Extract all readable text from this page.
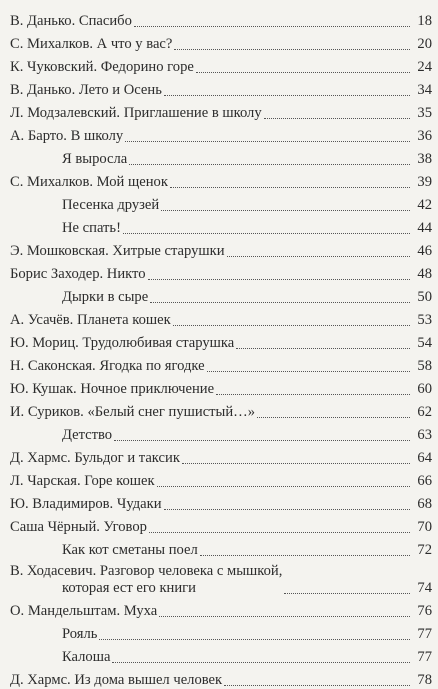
В. Данько. Спасибо	18
С. Михалков. А что у вас?	20
К. Чуковский. Федорино горе	24
В. Данько. Лето и Осень	34
Л. Модзалевский. Приглашение в школу	35
А. Барто. В школу	36
Я выросла	38
С. Михалков. Мой щенок	39
Песенка друзей	42
Не спать!	44
Э. Мошковская. Хитрые старушки	46
Борис Заходер. Никто	48
Дырки в сыре	50
А. Усачёв. Планета кошек	53
Ю. Мориц. Трудолюбивая старушка	54
Н. Саконская. Ягодка по ягодке	58
Ю. Кушак. Ночное приключение	60
И. Суриков. «Белый снег пушистый…»	62
Детство	63
Д. Хармс. Бульдог и таксик	64
Л. Чарская. Горе кошек	66
Ю. Владимиров. Чудаки	68
Саша Чёрный. Уговор	70
Как кот сметаны поел	72
В. Ходасевич. Разговор человека с мышкой,
которая ест его книги	74
О. Мандельштам. Муха	76
Рояль	77
Калоша	77
Д. Хармс. Из дома вышел человек	78
